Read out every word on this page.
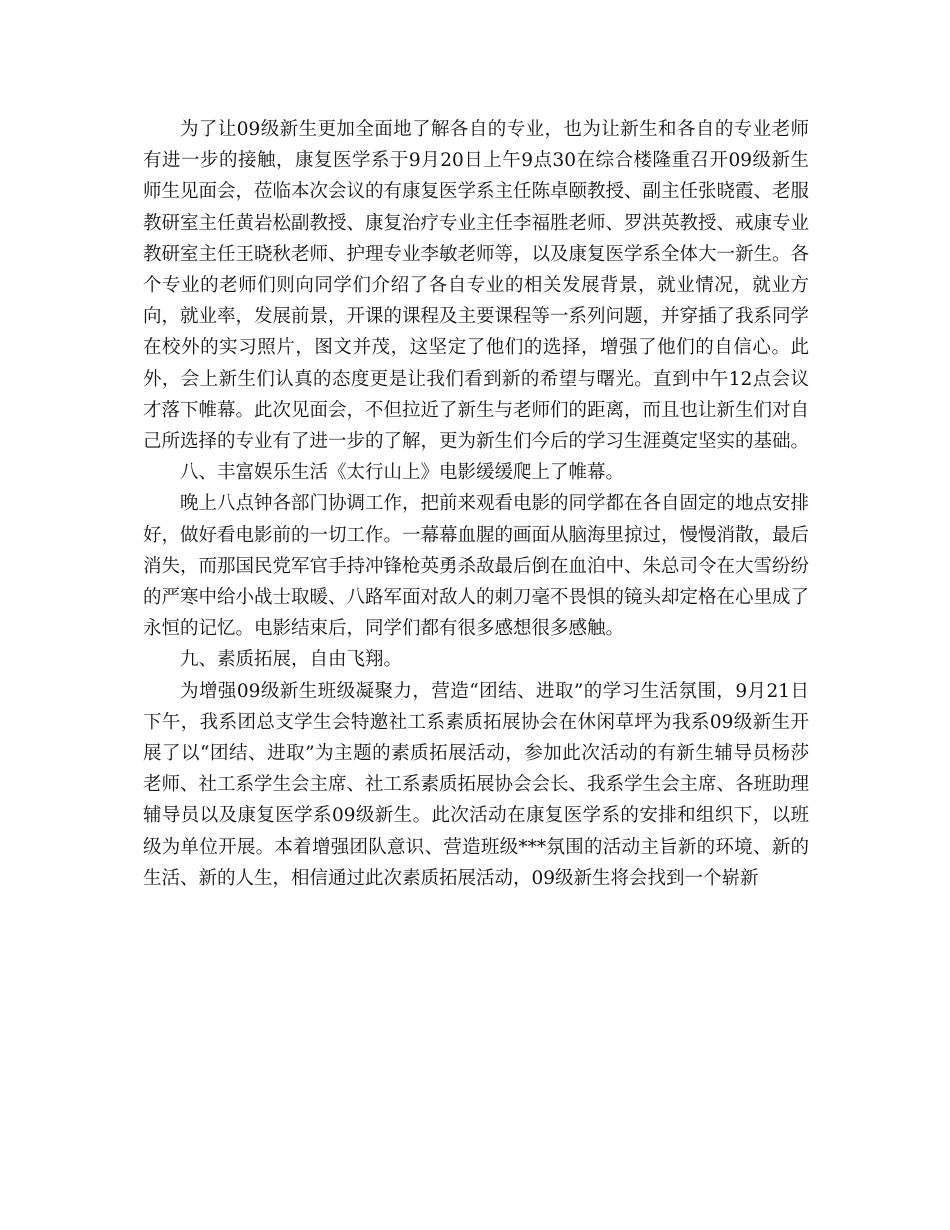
为了让09级新生更加全面地了解各自的专业，也为让新生和各自的专业老师有进一步的接触，康复医学系于9月20日上午9点30在综合楼隆重召开09级新生师生见面会，莅临本次会议的有康复医学系主任陈卓颐教授、副主任张晓霞、老服教研室主任黄岩松副教授、康复治疗专业主任李福胜老师、罗洪英教授、戒康专业教研室主任王晓秋老师、护理专业李敏老师等，以及康复医学系全体大一新生。各个专业的老师们则向同学们介绍了各自专业的相关发展背景，就业情况，就业方向，就业率，发展前景，开课的课程及主要课程等一系列问题，并穿插了我系同学在校外的实习照片，图文并茂，这坚定了他们的选择，增强了他们的自信心。此外，会上新生们认真的态度更是让我们看到新的希望与曙光。直到中午12点会议才落下帷幕。此次见面会，不但拉近了新生与老师们的距离，而且也让新生们对自己所选择的专业有了进一步的了解，更为新生们今后的学习生涯奠定坚实的基础。

八、丰富娱乐生活《太行山上》电影缓缓爬上了帷幕。

晚上八点钟各部门协调工作，把前来观看电影的同学都在各自固定的地点安排好，做好看电影前的一切工作。一幕幕血腥的画面从脑海里掠过，慢慢消散，最后消失，而那国民党军官手持冲锋枪英勇杀敌最后倒在血泊中、朱总司令在大雪纷纷的严寒中给小战士取暖、八路军面对敌人的刺刀毫不畏惧的镜头却定格在心里成了永恒的记忆。电影结束后，同学们都有很多感想很多感触。

九、素质拓展，自由飞翔。

为增强09级新生班级凝聚力，营造“团结、进取”的学习生活氛围，9月21日下午，我系团总支学生会特邀社工系素质拓展协会在休闲草坪为我系09级新生开展了以“团结、进取”为主题的素质拓展活动，参加此次活动的有新生辅导员杨莎老师、社工系学生会主席、社工系素质拓展协会会长、我系学生会主席、各班助理辅导员以及康复医学系09级新生。此次活动在康复医学系的安排和组织下，以班级为单位开展。本着增强团队意识、营造班级***氛围的活动主旨新的环境、新的生活、新的人生，相信通过此次素质拓展活动，09级新生将会找到一个崭新
